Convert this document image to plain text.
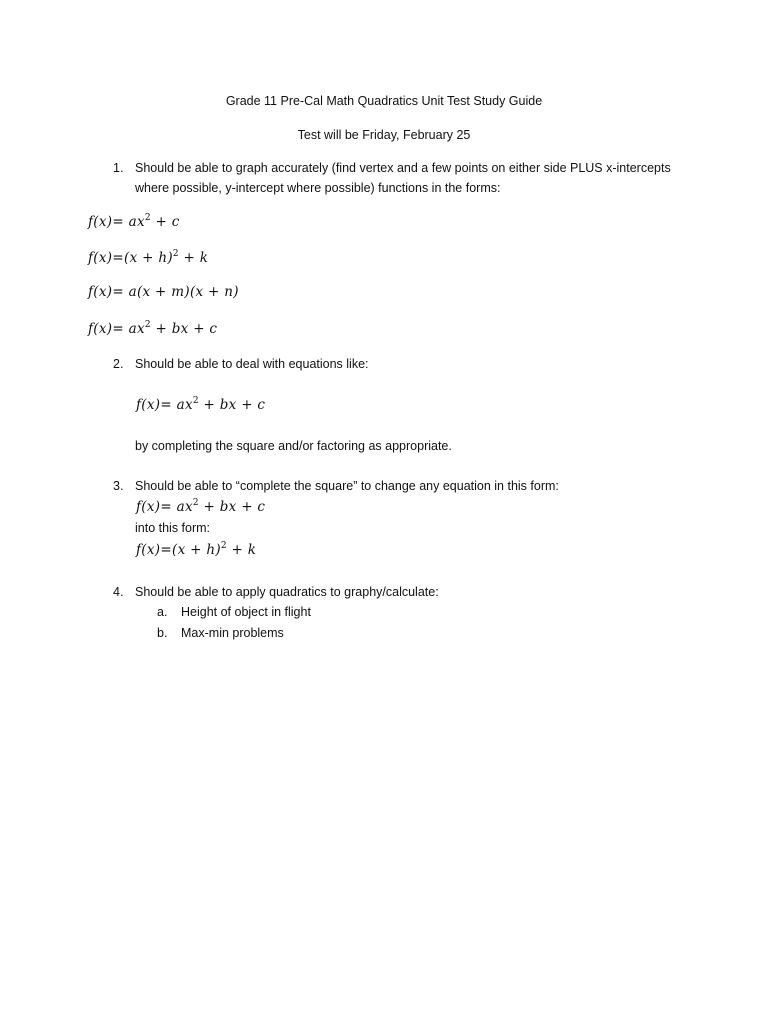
Grade 11 Pre-Cal Math Quadratics Unit Test Study Guide
Test will be Friday, February 25
1. Should be able to graph accurately (find vertex and a few points on either side PLUS x-intercepts
where possible, y-intercept where possible) functions in the forms:
$f(x)= ax^2 + c$
$f(x)=(x + h)^2 + k$
f(x)= a(x + m)(x + n)
$f(x)= ax^2$ + bx + c
2. Should be able to deal with equations like:
$f(x)= ax^2$ + bx + c
by completing the square and/or factoring as appropriate.
3. Should be able to “complete the square” to change any equation in this form:
$f(x)= ax^2$ + bx + c
into this form:
$f(x)=(x + h)^2 + k$
4. Should be able to apply quadratics to graphy/calculate:
a. Height of object in flight
b. Max-min problems
